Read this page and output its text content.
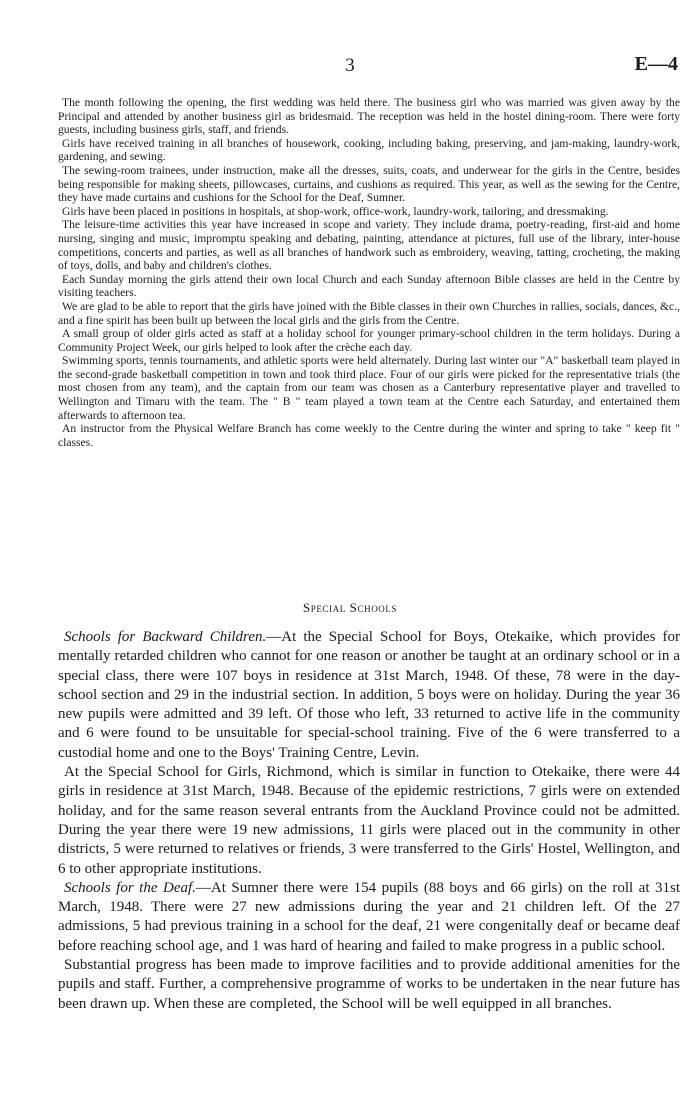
3	E—4

The month following the opening, the first wedding was held there. The business girl who was married was given away by the Principal and attended by another business girl as bridesmaid. The reception was held in the hostel dining-room. There were forty guests, including business girls, staff, and friends.

Girls have received training in all branches of housework, cooking, including baking, preserving, and jam-making, laundry-work, gardening, and sewing.

The sewing-room trainees, under instruction, make all the dresses, suits, coats, and underwear for the girls in the Centre, besides being responsible for making sheets, pillowcases, curtains, and cushions as required. This year, as well as the sewing for the Centre, they have made curtains and cushions for the School for the Deaf, Sumner.

Girls have been placed in positions in hospitals, at shop-work, office-work, laundry-work, tailoring, and dressmaking.

The leisure-time activities this year have increased in scope and variety. They include drama, poetry-reading, first-aid and home nursing, singing and music, impromptu speaking and debating, painting, attendance at pictures, full use of the library, inter-house competitions, concerts and parties, as well as all branches of handwork such as embroidery, weaving, tatting, crocheting, the making of toys, dolls, and baby and children's clothes.

Each Sunday morning the girls attend their own local Church and each Sunday afternoon Bible classes are held in the Centre by visiting teachers.

We are glad to be able to report that the girls have joined with the Bible classes in their own Churches in rallies, socials, dances, &c., and a fine spirit has been built up between the local girls and the girls from the Centre.

A small group of older girls acted as staff at a holiday school for younger primary-school children in the term holidays. During a Community Project Week, our girls helped to look after the crèche each day.

Swimming sports, tennis tournaments, and athletic sports were held alternately. During last winter our "A" basketball team played in the second-grade basketball competition in town and took third place. Four of our girls were picked for the representative trials (the most chosen from any team), and the captain from our team was chosen as a Canterbury representative player and travelled to Wellington and Timaru with the team. The " B " team played a town team at the Centre each Saturday, and entertained them afterwards to afternoon tea.

An instructor from the Physical Welfare Branch has come weekly to the Centre during the winter and spring to take " keep fit " classes.

Special Schools

Schools for Backward Children.—At the Special School for Boys, Otekaike, which provides for mentally retarded children who cannot for one reason or another be taught at an ordinary school or in a special class, there were 107 boys in residence at 31st March, 1948. Of these, 78 were in the day-school section and 29 in the industrial section. In addition, 5 boys were on holiday. During the year 36 new pupils were admitted and 39 left. Of those who left, 33 returned to active life in the community and 6 were found to be unsuitable for special-school training. Five of the 6 were transferred to a custodial home and one to the Boys' Training Centre, Levin.

At the Special School for Girls, Richmond, which is similar in function to Otekaike, there were 44 girls in residence at 31st March, 1948. Because of the epidemic restrictions, 7 girls were on extended holiday, and for the same reason several entrants from the Auckland Province could not be admitted. During the year there were 19 new admissions, 11 girls were placed out in the community in other districts, 5 were returned to relatives or friends, 3 were transferred to the Girls' Hostel, Wellington, and 6 to other appropriate institutions.

Schools for the Deaf.—At Sumner there were 154 pupils (88 boys and 66 girls) on the roll at 31st March, 1948. There were 27 new admissions during the year and 21 children left. Of the 27 admissions, 5 had previous training in a school for the deaf, 21 were congenitally deaf or became deaf before reaching school age, and 1 was hard of hearing and failed to make progress in a public school.

Substantial progress has been made to improve facilities and to provide additional amenities for the pupils and staff. Further, a comprehensive programme of works to be undertaken in the near future has been drawn up. When these are completed, the School will be well equipped in all branches.
